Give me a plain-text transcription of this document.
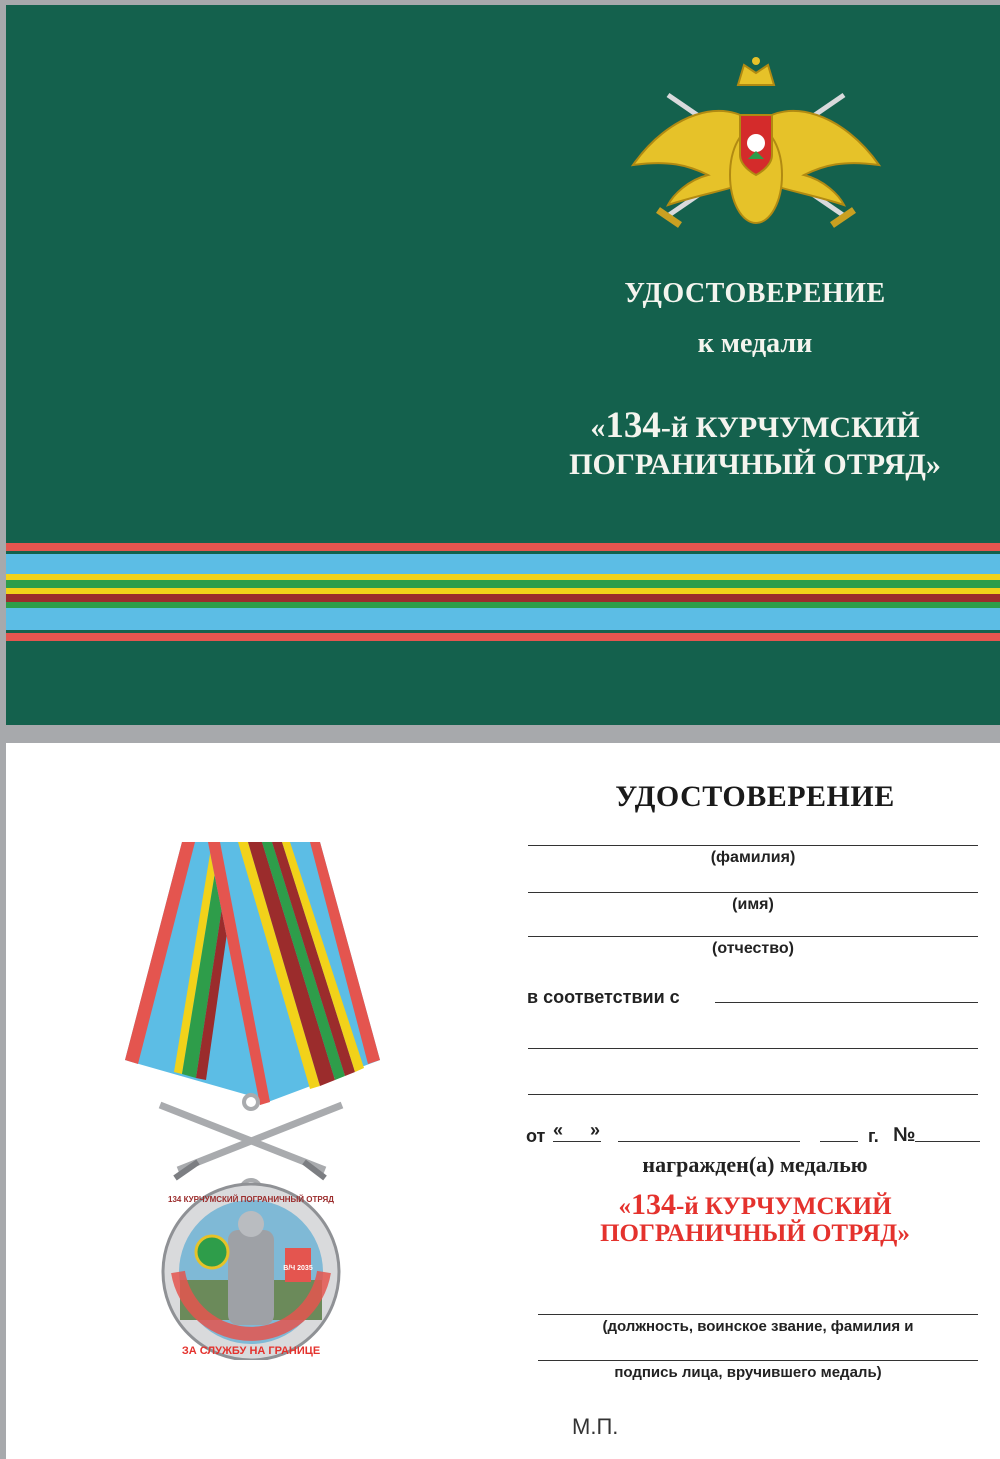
УДОСТОВЕРЕНИЕ
к медали
«134-й КУРЧУМСКИЙ
ПОГРАНИЧНЫЙ ОТРЯД»
ЗА СЛУЖБУ НА ГРАНИЦЕ
134 КУРЧУМСКИЙ ПОГРАНИЧНЫЙ ОТРЯД
В/Ч 2035
УДОСТОВЕРЕНИЕ
(фамилия)
(имя)
(отчество)
в соответствии с
от « »	г. №
награжден(а) медалью
«134-й КУРЧУМСКИЙ
ПОГРАНИЧНЫЙ ОТРЯД»
(должность, воинское звание, фамилия и
подпись лица, вручившего медаль)
М.П.
